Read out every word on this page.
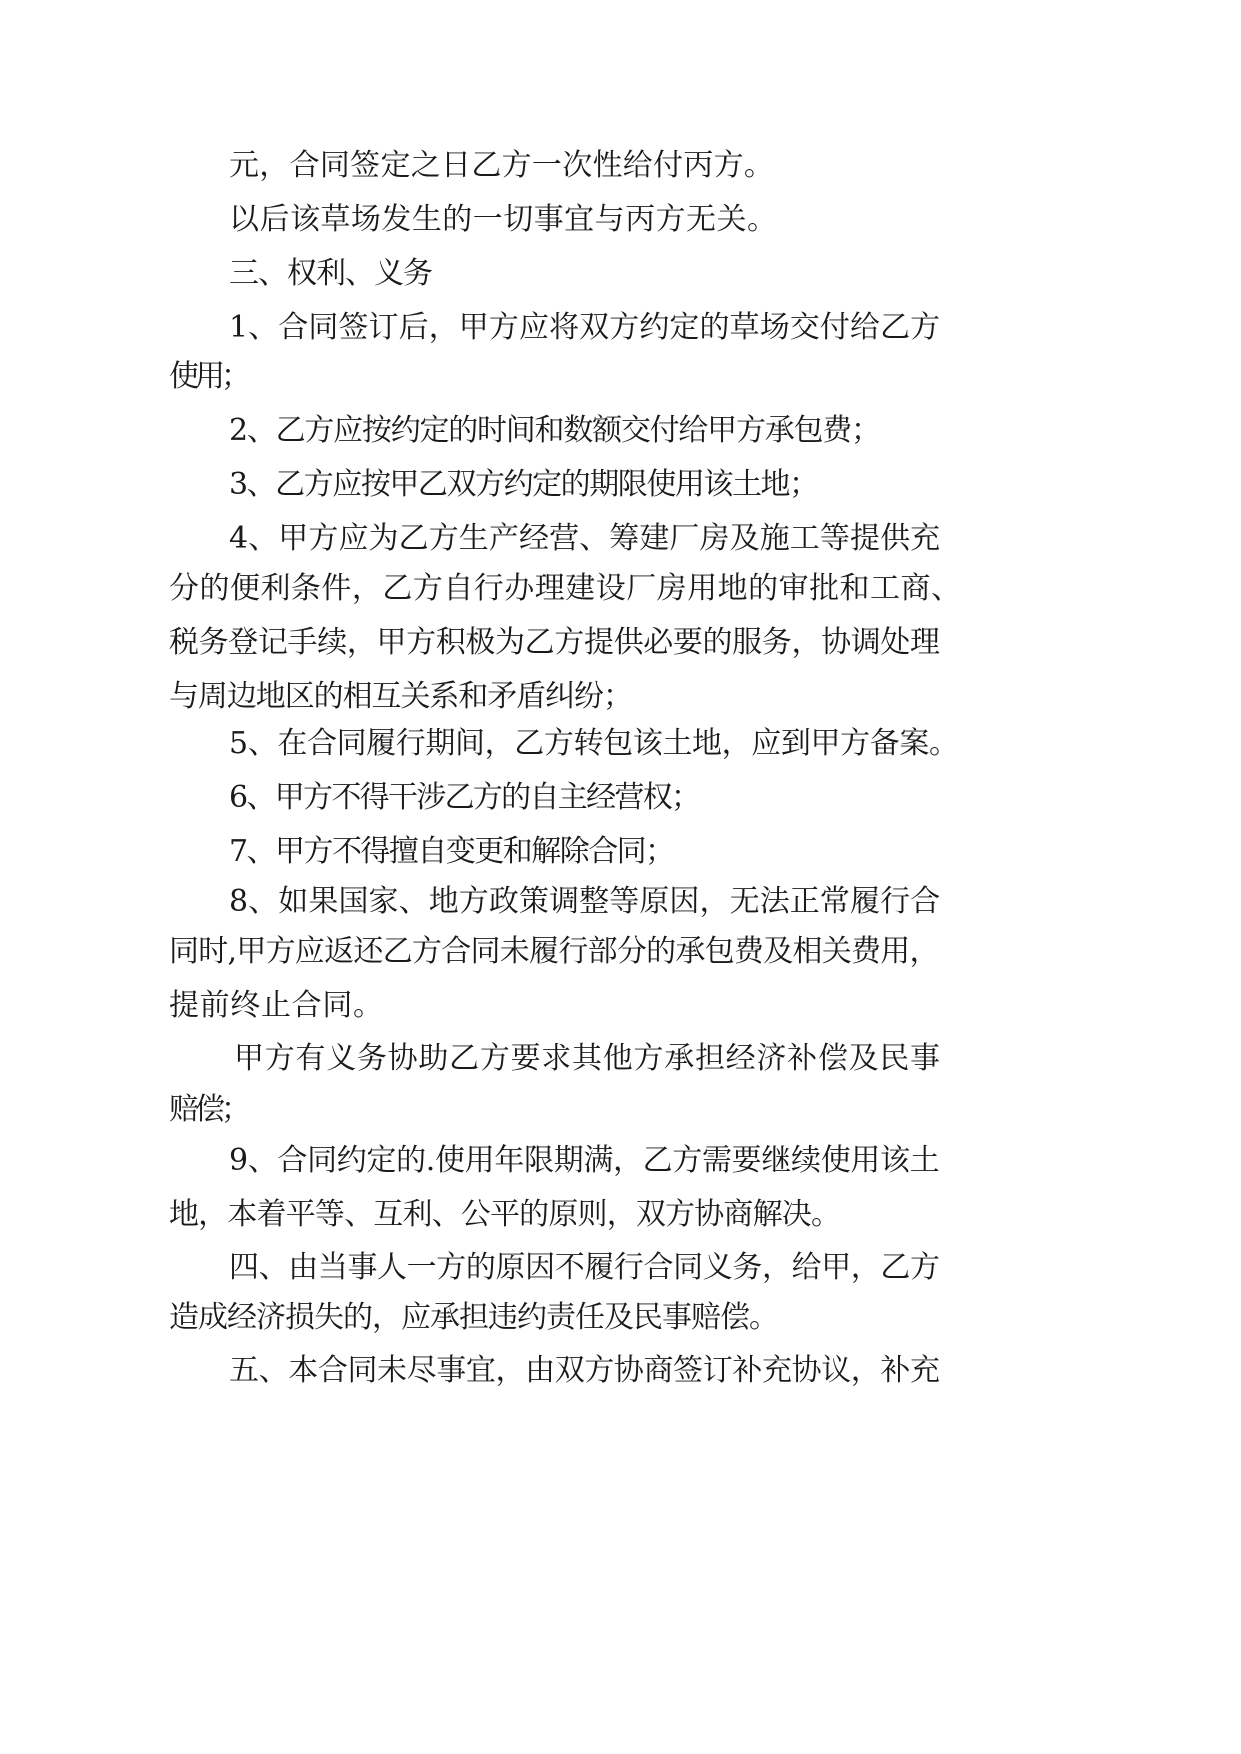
元，合同签定之日乙方一次性给付丙方。
以后该草场发生的一切事宜与丙方无关。
三、权利、义务
1、合同签订后，甲方应将双方约定的草场交付给乙方
使用；
2、乙方应按约定的时间和数额交付给甲方承包费；
3、乙方应按甲乙双方约定的期限使用该土地；
4、甲方应为乙方生产经营、筹建厂房及施工等提供充
分的便利条件，乙方自行办理建设厂房用地的审批和工商、
税务登记手续，甲方积极为乙方提供必要的服务，协调处理
与周边地区的相互关系和矛盾纠纷；
5、在合同履行期间，乙方转包该土地，应到甲方备案。
6、甲方不得干涉乙方的自主经营权；
7、甲方不得擅自变更和解除合同；
8、如果国家、地方政策调整等原因，无法正常履行合
同时,甲方应返还乙方合同未履行部分的承包费及相关费用，
提前终止合同。
甲方有义务协助乙方要求其他方承担经济补偿及民事
赔偿；
9、合同约定的.使用年限期满，乙方需要继续使用该土
地，本着平等、互利、公平的原则，双方协商解决。
四、由当事人一方的原因不履行合同义务，给甲，乙方
造成经济损失的，应承担违约责任及民事赔偿。
五、本合同未尽事宜，由双方协商签订补充协议，补充
